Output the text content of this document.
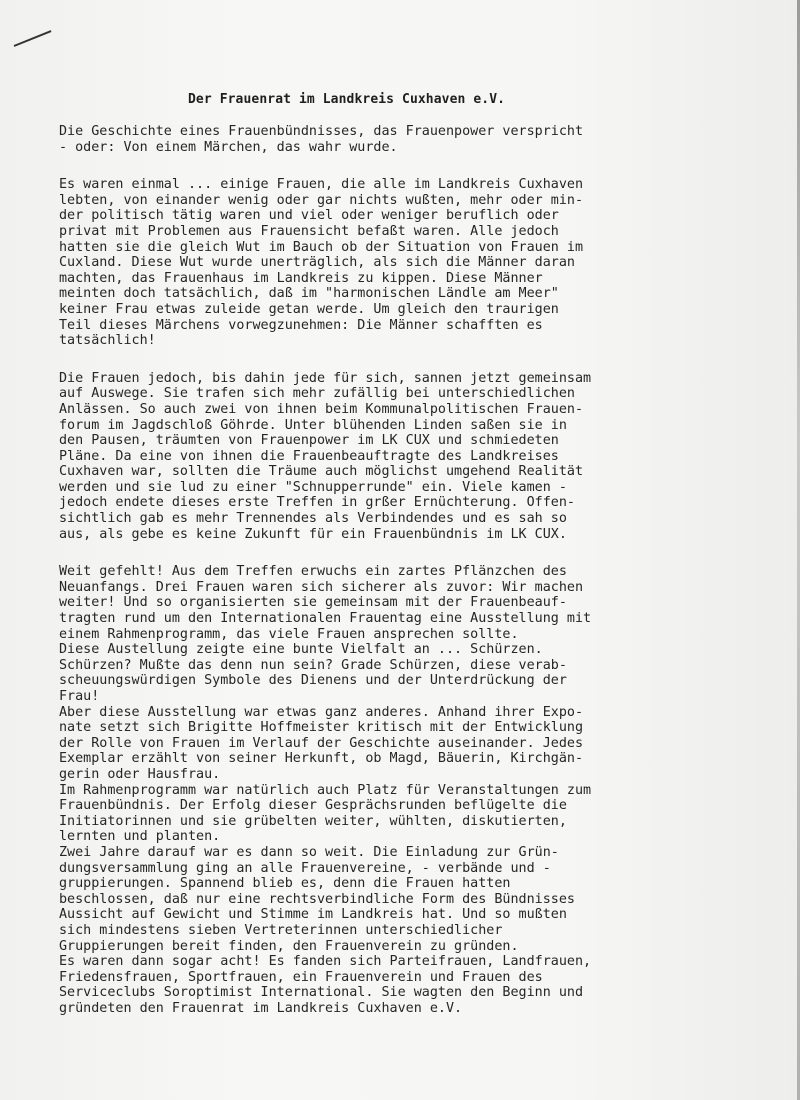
Der Frauenrat im Landkreis Cuxhaven e.V.

Die Geschichte eines Frauenbündnisses, das Frauenpower verspricht
- oder: Von einem Märchen, das wahr wurde.

Es waren einmal ... einige Frauen, die alle im Landkreis Cuxhaven
lebten, von einander wenig oder gar nichts wußten, mehr oder min-
der politisch tätig waren und viel oder weniger beruflich oder
privat mit Problemen aus Frauensicht befaßt waren. Alle jedoch
hatten sie die gleich Wut im Bauch ob der Situation von Frauen im
Cuxland. Diese Wut wurde unerträglich, als sich die Männer daran
machten, das Frauenhaus im Landkreis zu kippen. Diese Männer
meinten doch tatsächlich, daß im "harmonischen Ländle am Meer"
keiner Frau etwas zuleide getan werde. Um gleich den traurigen
Teil dieses Märchens vorwegzunehmen: Die Männer schafften es
tatsächlich!

Die Frauen jedoch, bis dahin jede für sich, sannen jetzt gemeinsam
auf Auswege. Sie trafen sich mehr zufällig bei unterschiedlichen
Anlässen. So auch zwei von ihnen beim Kommunalpolitischen Frauen-
forum im Jagdschloß Göhrde. Unter blühenden Linden saßen sie in
den Pausen, träumten von Frauenpower im LK CUX und schmiedeten
Pläne. Da eine von ihnen die Frauenbeauftragte des Landkreises
Cuxhaven war, sollten die Träume auch möglichst umgehend Realität
werden und sie lud zu einer "Schnupperrunde" ein. Viele kamen -
jedoch endete dieses erste Treffen in grßer Ernüchterung. Offen-
sichtlich gab es mehr Trennendes als Verbindendes und es sah so
aus, als gebe es keine Zukunft für ein Frauenbündnis im LK CUX.

Weit gefehlt! Aus dem Treffen erwuchs ein zartes Pflänzchen des
Neuanfangs. Drei Frauen waren sich sicherer als zuvor: Wir machen
weiter! Und so organisierten sie gemeinsam mit der Frauenbeauf-
tragten rund um den Internationalen Frauentag eine Ausstellung mit
einem Rahmenprogramm, das viele Frauen ansprechen sollte.
Diese Austellung zeigte eine bunte Vielfalt an ... Schürzen.
Schürzen? Mußte das denn nun sein? Grade Schürzen, diese verab-
scheuungswürdigen Symbole des Dienens und der Unterdrückung der
Frau!
Aber diese Ausstellung war etwas ganz anderes. Anhand ihrer Expo-
nate setzt sich Brigitte Hoffmeister kritisch mit der Entwicklung
der Rolle von Frauen im Verlauf der Geschichte auseinander. Jedes
Exemplar erzählt von seiner Herkunft, ob Magd, Bäuerin, Kirchgän-
gerin oder Hausfrau.
Im Rahmenprogramm war natürlich auch Platz für Veranstaltungen zum
Frauenbündnis. Der Erfolg dieser Gesprächsrunden beflügelte die
Initiatorinnen und sie grübelten weiter, wühlten, diskutierten,
lernten und planten.
Zwei Jahre darauf war es dann so weit. Die Einladung zur Grün-
dungsversammlung ging an alle Frauenvereine, - verbände und -
gruppierungen. Spannend blieb es, denn die Frauen hatten
beschlossen, daß nur eine rechtsverbindliche Form des Bündnisses
Aussicht auf Gewicht und Stimme im Landkreis hat. Und so mußten
sich mindestens sieben Vertreterinnen unterschiedlicher
Gruppierungen bereit finden, den Frauenverein zu gründen.
Es waren dann sogar acht! Es fanden sich Parteifrauen, Landfrauen,
Friedensfrauen, Sportfrauen, ein Frauenverein und Frauen des
Serviceclubs Soroptimist International. Sie wagten den Beginn und
gründeten den Frauenrat im Landkreis Cuxhaven e.V.
